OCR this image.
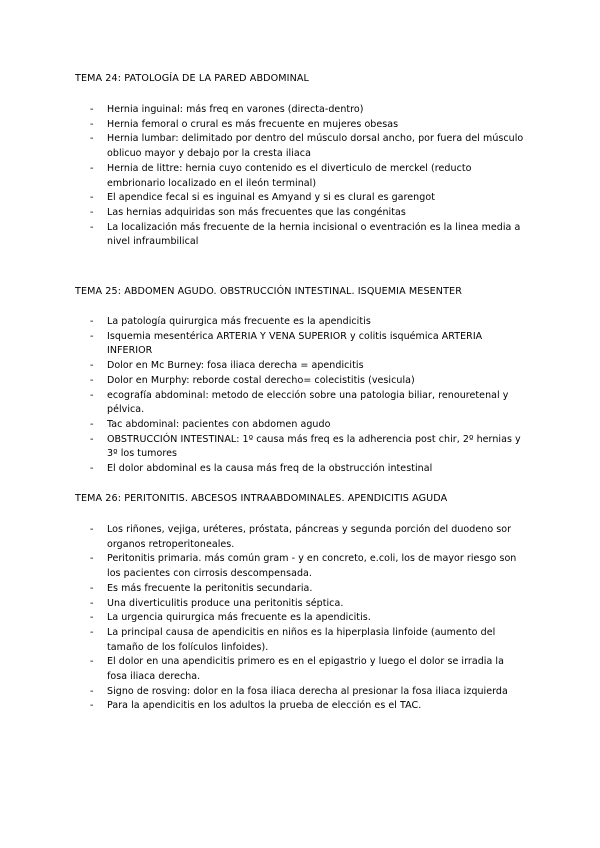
TEMA 24: PATOLOGÍA DE LA PARED ABDOMINAL
- Hernia inguinal: más freq en varones (directa-dentro)
- Hernia femoral o crural es más frecuente en mujeres obesas
- Hernia lumbar: delimitado por dentro del músculo dorsal ancho, por fuera del músculo oblicuo mayor y debajo por la cresta iliaca
- Hernia de littre: hernia cuyo contenido es el diverticulo de merckel (reducto embrionario localizado en el ileón terminal)
- El apendice fecal si es inguinal es Amyand y si es clural es garengot
- Las hernias adquiridas son más frecuentes que las congénitas
- La localización más frecuente de la hernia incisional o eventración es la linea media a nivel infraumbilical
TEMA 25: ABDOMEN AGUDO. OBSTRUCCIÓN INTESTINAL. ISQUEMIA MESENTER
- La patología quirurgica más frecuente es la apendicitis
- Isquemia mesentérica ARTERIA Y VENA SUPERIOR y colitis isquémica ARTERIA INFERIOR
- Dolor en Mc Burney: fosa iliaca derecha = apendicitis
- Dolor en Murphy: reborde costal derecho= colecistitis (vesicula)
- ecografía abdominal: metodo de elección sobre una patologia biliar, renouretenal y pélvica.
- Tac abdominal: pacientes con abdomen agudo
- OBSTRUCCIÓN INTESTINAL: 1º causa más freq es la adherencia post chir, 2º hernias y 3º los tumores
- El dolor abdominal es la causa más freq de la obstrucción intestinal
TEMA 26: PERITONITIS. ABCESOS INTRAABDOMINALES. APENDICITIS AGUDA
- Los riñones, vejiga, uréteres, próstata, páncreas y segunda porción del duodeno sor organos retroperitoneales.
- Peritonitis primaria. más común gram - y en concreto, e.coli, los de mayor riesgo son los pacientes con cirrosis descompensada.
- Es más frecuente la peritonitis secundaria.
- Una diverticulitis produce una peritonitis séptica.
- La urgencia quirurgica más frecuente es la apendicitis.
- La principal causa de apendicitis en niños es la hiperplasia linfoide (aumento del tamaño de los folículos linfoides).
- El dolor en una apendicitis primero es en el epigastrio y luego el dolor se irradia la fosa iliaca derecha.
- Signo de rosving: dolor en la fosa iliaca derecha al presionar la fosa iliaca izquierda
- Para la apendicitis en los adultos la prueba de elección es el TAC.
